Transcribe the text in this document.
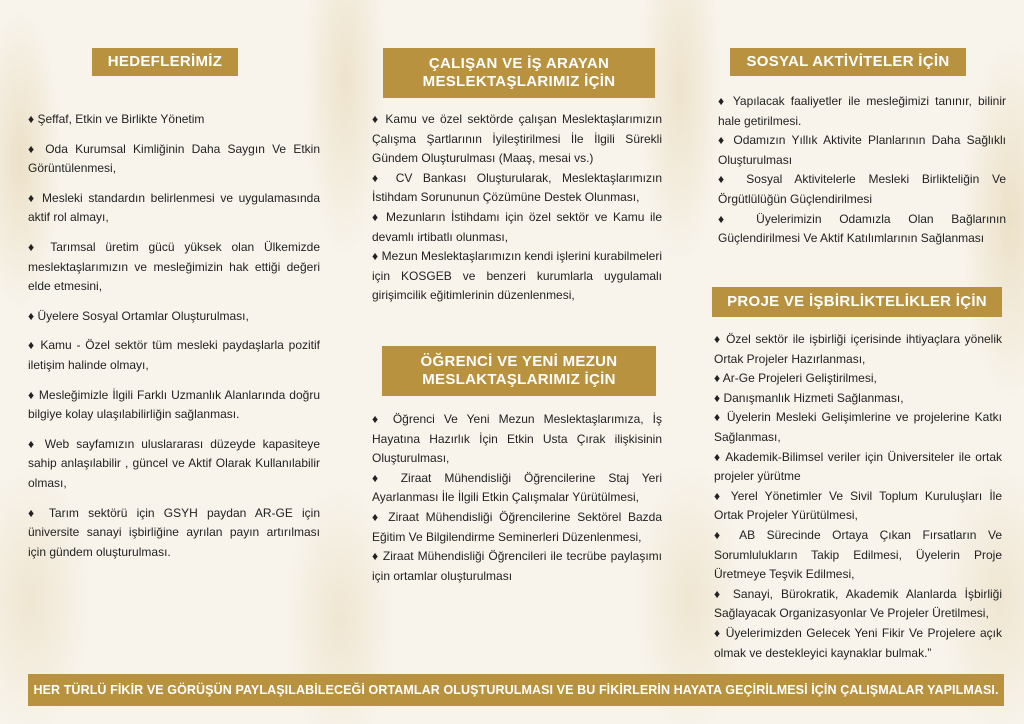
HEDEFLERİMİZ

♦ Şeffaf, Etkin ve Birlikte Yönetim

♦ Oda Kurumsal Kimliğinin Daha Saygın Ve Etkin Görüntülenmesi,

♦ Mesleki standardın belirlenmesi ve uygulamasında aktif rol almayı,

♦ Tarımsal üretim gücü yüksek olan Ülkemizde meslektaşlarımızın ve mesleğimizin hak ettiği değeri elde etmesini,

♦ Üyelere Sosyal Ortamlar Oluşturulması,

♦ Kamu - Özel sektör tüm mesleki paydaşlarla pozitif iletişim halinde olmayı,

♦ Mesleğimizle İlgili Farklı Uzmanlık Alanlarında doğru bilgiye kolay ulaşılabilirliğin sağlanması.

♦ Web sayfamızın uluslararası düzeyde kapasiteye sahip anlaşılabilir , güncel ve Aktif Olarak Kullanılabilir olması,

♦ Tarım sektörü için GSYH paydan AR-GE için üniversite sanayi işbirliğine ayrılan payın artırılması için gündem oluşturulması.

ÇALIŞAN VE İŞ ARAYAN MESLEKTAŞLARIMIZ İÇİN

♦ Kamu ve özel sektörde çalışan Meslektaşlarımızın Çalışma Şartlarının İyileştirilmesi İle İlgili Sürekli Gündem Oluşturulması (Maaş, mesai vs.)

♦ CV Bankası Oluşturularak, Meslektaşlarımızın İstihdam Sorununun Çözümüne Destek Olunması,

♦ Mezunların İstihdamı için özel sektör ve Kamu ile devamlı irtibatlı olunması,

♦ Mezun Meslektaşlarımızın kendi işlerini kurabilmeleri için KOSGEB ve benzeri kurumlarla uygulamalı girişimcilik eğitimlerinin düzenlenmesi,

ÖĞRENCİ VE YENİ MEZUN MESLAKTAŞLARIMIZ İÇİN

♦ Öğrenci Ve Yeni Mezun Meslektaşlarımıza, İş Hayatına Hazırlık İçin Etkin Usta Çırak ilişkisinin Oluşturulması,

♦ Ziraat Mühendisliği Öğrencilerine Staj Yeri Ayarlanması İle İlgili Etkin Çalışmalar Yürütülmesi,

♦ Ziraat Mühendisliği Öğrencilerine Sektörel Bazda Eğitim Ve Bilgilendirme Seminerleri Düzenlenmesi,

♦ Ziraat Mühendisliği Öğrencileri ile tecrübe paylaşımı için ortamlar oluşturulması

SOSYAL AKTİVİTELER İÇİN

♦ Yapılacak faaliyetler ile mesleğimizi tanınır, bilinir hale getirilmesi.

♦ Odamızın Yıllık Aktivite Planlarının Daha Sağlıklı Oluşturulması

♦ Sosyal Aktivitelerle Mesleki Birlikteliğin Ve Örgütlülüğün Güçlendirilmesi

♦ Üyelerimizin Odamızla Olan Bağlarının Güçlendirilmesi Ve Aktif Katılımlarının Sağlanması

PROJE VE İŞBİRLİKTELİKLER İÇİN

♦ Özel sektör ile işbirliği içerisinde ihtiyaçlara yönelik Ortak Projeler Hazırlanması,

♦ Ar-Ge Projeleri Geliştirilmesi,

♦ Danışmanlık Hizmeti Sağlanması,

♦ Üyelerin Mesleki Gelişimlerine ve projelerine Katkı Sağlanması,

♦ Akademik-Bilimsel veriler için Üniversiteler ile ortak projeler yürütme

♦ Yerel Yönetimler Ve Sivil Toplum Kuruluşları İle Ortak Projeler Yürütülmesi,

♦ AB Sürecinde Ortaya Çıkan Fırsatların Ve Sorumlulukların Takip Edilmesi, Üyelerin Proje Üretmeye Teşvik Edilmesi,

♦ Sanayi, Bürokratik, Akademik Alanlarda İşbirliği Sağlayacak Organizasyonlar Ve Projeler Üretilmesi,

♦ Üyelerimizden Gelecek Yeni Fikir Ve Projelere açık olmak ve destekleyici kaynaklar bulmak.”

HER TÜRLÜ FİKİR VE GÖRÜŞÜN PAYLAŞILABİLECEĞİ ORTAMLAR OLUŞTURULMASI VE BU FİKİRLERİN HAYATA GEÇİRİLMESİ İÇİN ÇALIŞMALAR YAPILMASI.
